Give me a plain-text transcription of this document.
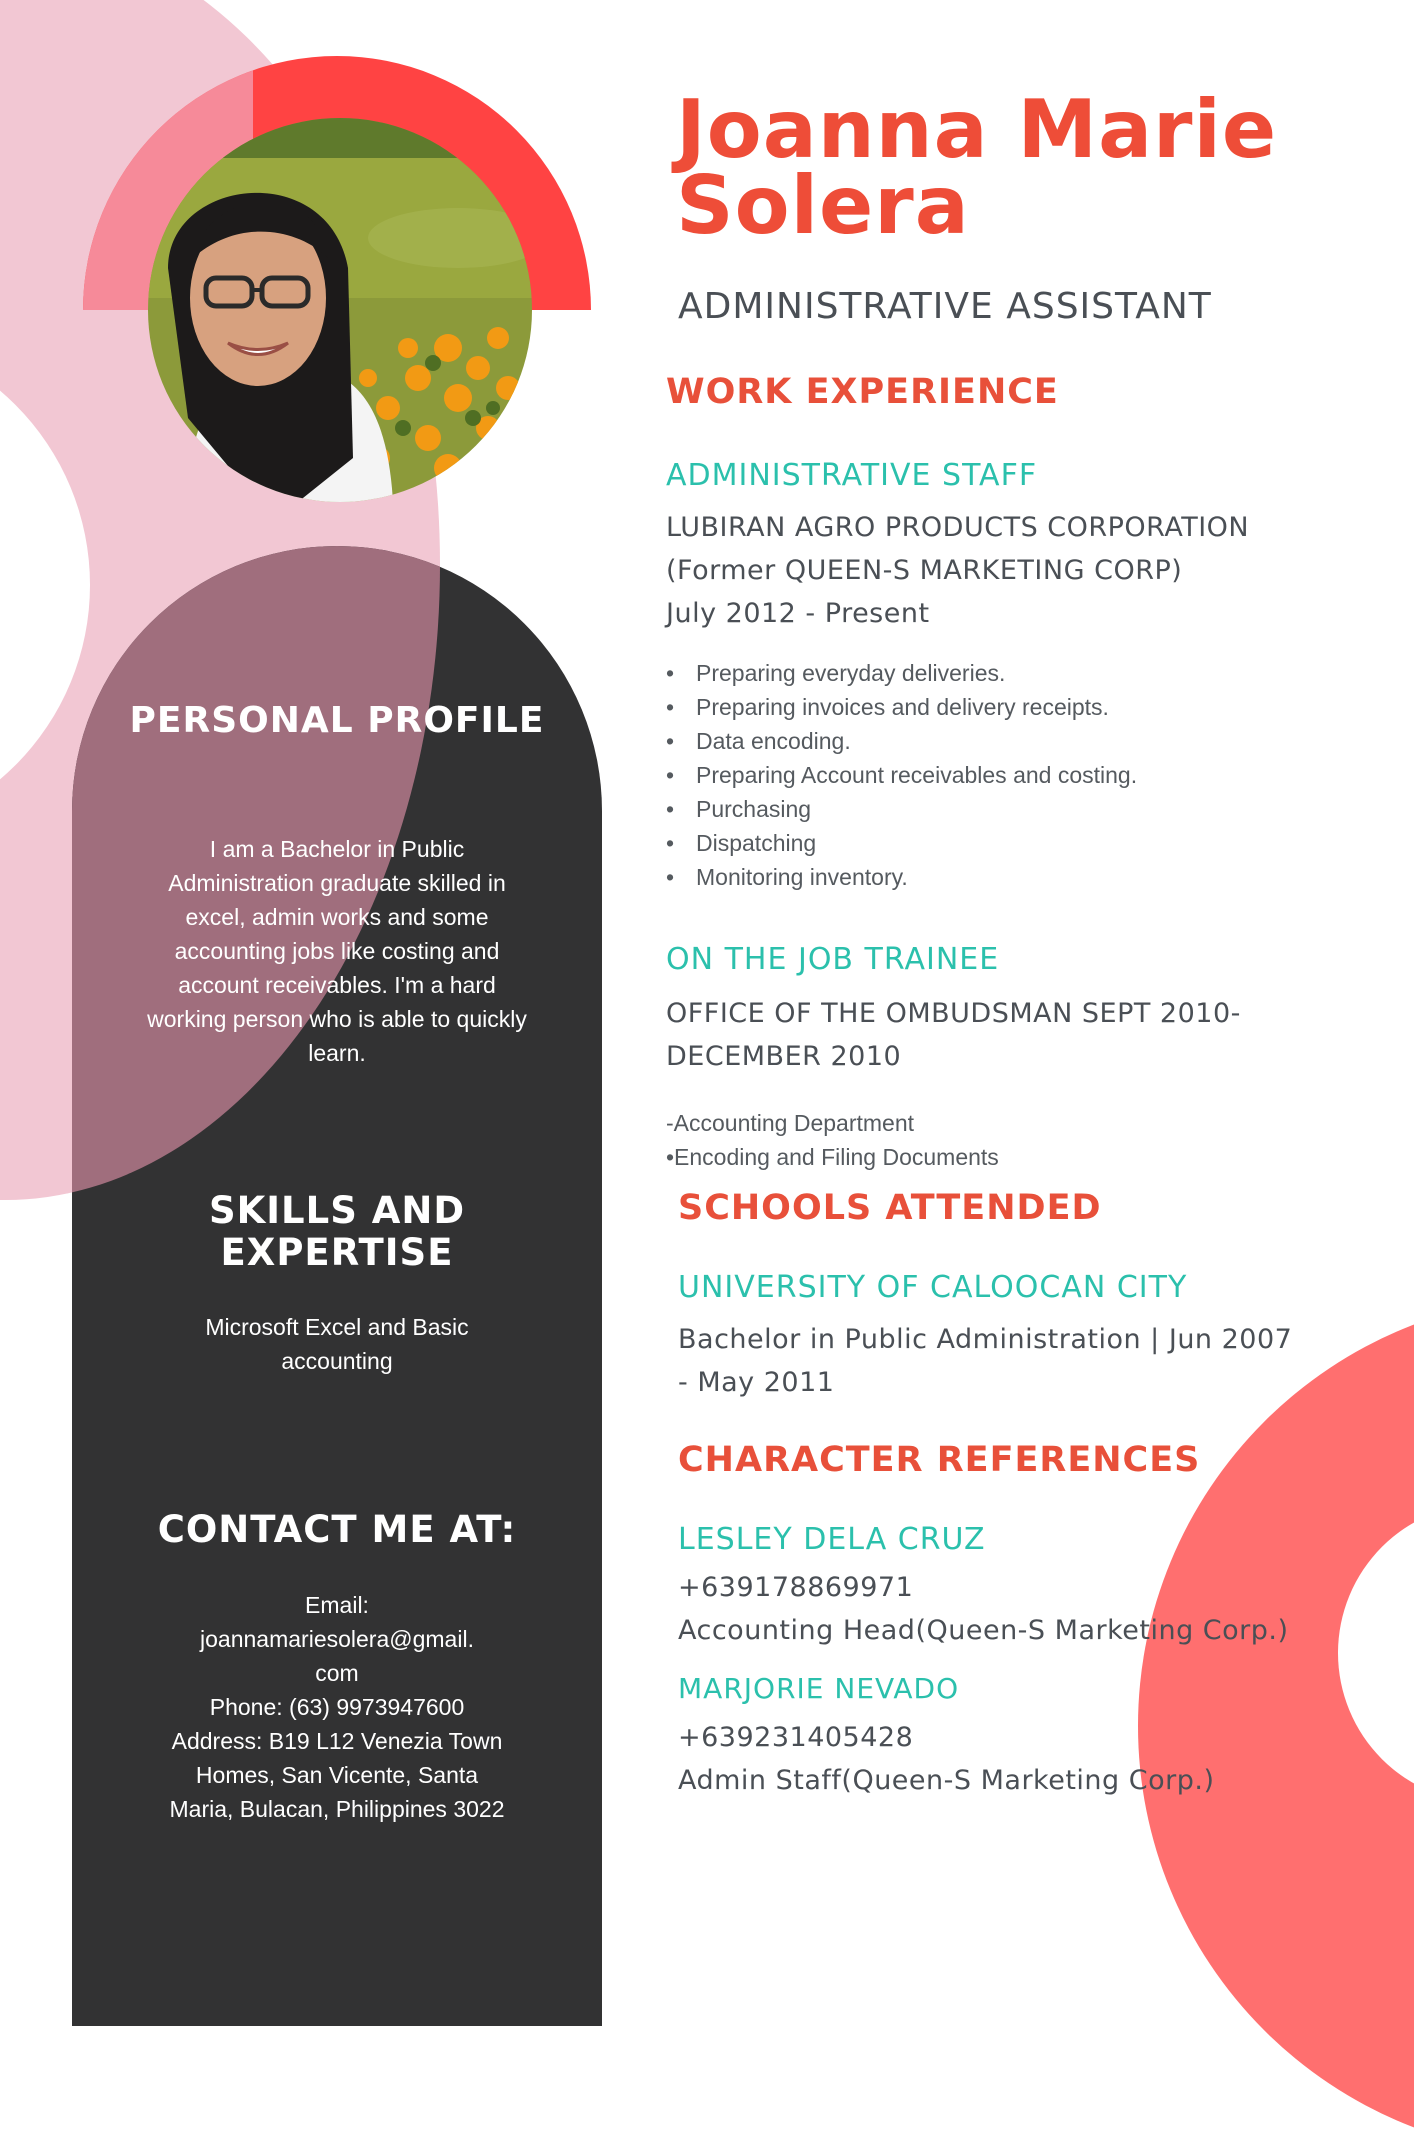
PERSONAL PROFILE
I am a Bachelor in Public Administration graduate skilled in excel, admin works and some accounting jobs like costing and account receivables. I'm a hard working person who is able to quickly learn.
SKILLS AND
EXPERTISE
Microsoft Excel and Basic accounting
CONTACT ME AT:
Email:
joannamariesolera@gmail.
com
Phone: (63) 9973947600
Address: B19 L12 Venezia Town
Homes, San Vicente, Santa
Maria, Bulacan, Philippines 3022
Joanna Marie
Solera
ADMINISTRATIVE ASSISTANT
WORK EXPERIENCE
ADMINISTRATIVE STAFF
LUBIRAN AGRO PRODUCTS CORPORATION
(Former QUEEN-S MARKETING CORP)
July 2012 - Present
• Preparing everyday deliveries.
• Preparing invoices and delivery receipts.
• Data encoding.
• Preparing Account receivables and costing.
• Purchasing
• Dispatching
• Monitoring inventory.
ON THE JOB TRAINEE
OFFICE OF THE OMBUDSMAN SEPT 2010-
DECEMBER 2010
-Accounting Department
•Encoding and Filing Documents
SCHOOLS ATTENDED
UNIVERSITY OF CALOOCAN CITY
Bachelor in Public Administration | Jun 2007
- May 2011
CHARACTER REFERENCES
LESLEY DELA CRUZ
+639178869971
Accounting Head(Queen-S Marketing Corp.)
MARJORIE NEVADO
+639231405428
Admin Staff(Queen-S Marketing Corp.)
